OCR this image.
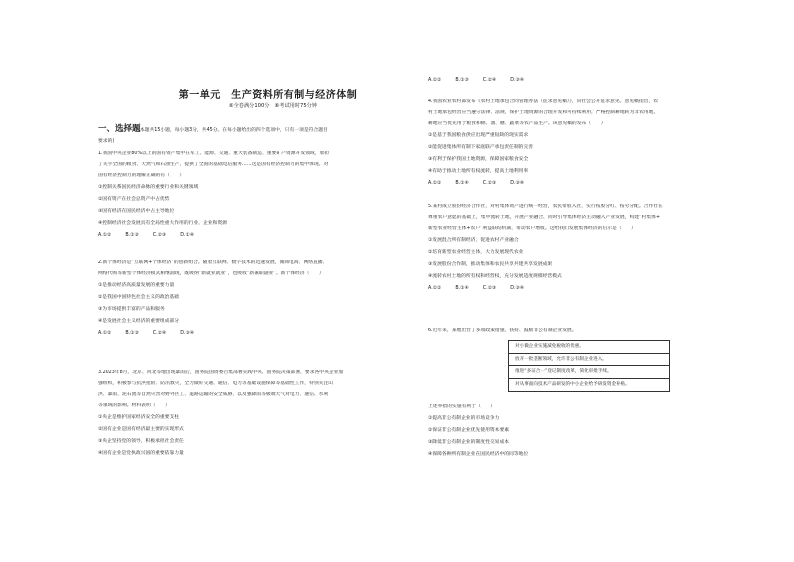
第一单元　生产资料所有制与经济体制
⑥全卷满分100分　⑥考试用时75分钟
一、选择题
(本题共15小题，每小题3分，共45分。在每小题给出的四个选项中，只有一项是符合题目
要求的)
1.我国中央企业80%以上的国有资产集中在军工、能源、交通、重大装备制造、重要矿产资源开发领域，承担
了关乎全国的粮食、天然气和石油生产，提供了全国的基础电信服务……这是国有经济控制力的集中体现。对
国有经济控制力的理解正确的有（　　）
①控制关系国民经济命脉的重要行业和关键领域
②国有资产在社会总资产中占优势
③国有经济在国民经济中占主导地位
④控制经济社会发展具有全局性重大作用的行业、企业和资源
A.①②	B.①③	C.②③	D.①④
2.新个体经济是“互联网+个体经济”的创新组合。随着互联网、数字技术的迅速发展，微商电商、网络直播、
网络代购等新型个体经济模式相继涌现，既吸纳“新就业就业”，也吸收“新兼职副业”。新个体经济（　　）
①是推动经济高质量发展的重要力量
②是我国中国特色社会主义的政治基础
③为市场提供丰富的产品和服务
④是发展社会主义经济的重要组成部分
A.①②	B.①③	C.②④	D.③④
3.2023年8月，北京、河北等地出现暴雨后，国务院国资委召集部署实践中央、国务院决策部署，要求各中央企业加
强组织，积极参与抗洪抢险、防汛救灾，全力做好交通、通信、电力等基础设施保障等基础性工作，特别关注山
洪、暴雨，泥石流等自然灾害对野外区工、道路运输的安全威胁，以及强降雨等极端天气对电力、通信、水利
等领域的影响。材料表明（　　）
①央企是维护国家经济安全的重要支柱
②国有企业是国有经济最主要的实现形式
③央企坚持党的领导，积极承担社会责任
④国有企业是党执政兴国的重要依靠力量
A.①②	B.①③	C.②④	D.③④
4.我国农业农村部发布《农村土地承包合同管理办法（征求意见稿）》，向社会公开征求意见。意见稿指出，农
村土地承包经营应当遵守法律、法规，保护土地资源的合理开发和可持续利用，严格控制耕地转为非农用地，
耕地应当优先用于粮食和棉、油、糖、蔬菜等农产品生产。该意见稿的发布（　　）
①是基于我国粮食供应出现严重短缺的现实需求
②能促进集体所有制下家庭联产承包责任制的完善
③有利于保护我国土地资源，保障国家粮食安全
④有助于推动土地所有权流转，提高土地利用率
A.①②	B.①④	C.②③	D.③④
5.某村成立股份经济合作社，对村集体资产进行统一经营，农民带股入社，实行按股分红、按劳分配。合作社在
尊重农户意愿的基础上，集中流转土地，开展产业融合，同时引导集体经济主动融入产业发展，构建“村集体+
新型农业经营主体+农户”利益联结机制，带动农户增收。这给我们发展集体经济的启示是（　　）
①发展混合所有制经济，促进农村产业融合
②培育新型农业经营主体，大力发展现代农业
③发展股份合作制，推动集体和农民共享共建共享发展成果
④流转农村土地的所有权和经营权，充分发展适度规模经营模式
A.①②	B.①④	C.②③	D.③④
6.近年来，某地出台了多项政策措施，扶持、鼓励非公有制企业发展。
对小微企业实施减免税收的优惠。
放开一批垄断领域，允许非公有制企业进入。
推进“多证合一”登记制度改革，简化审批手续。
对从事面向技术产品研发的中小企业给予研发资金补贴。
上述举措的实施有利于（　　）
①提高非公有制企业的市场竞争力
②保证非公有制企业优先使用资本要素
③降低非公有制企业的制度性交易成本
④保障各种所有制企业在国民经济中的同等地位
